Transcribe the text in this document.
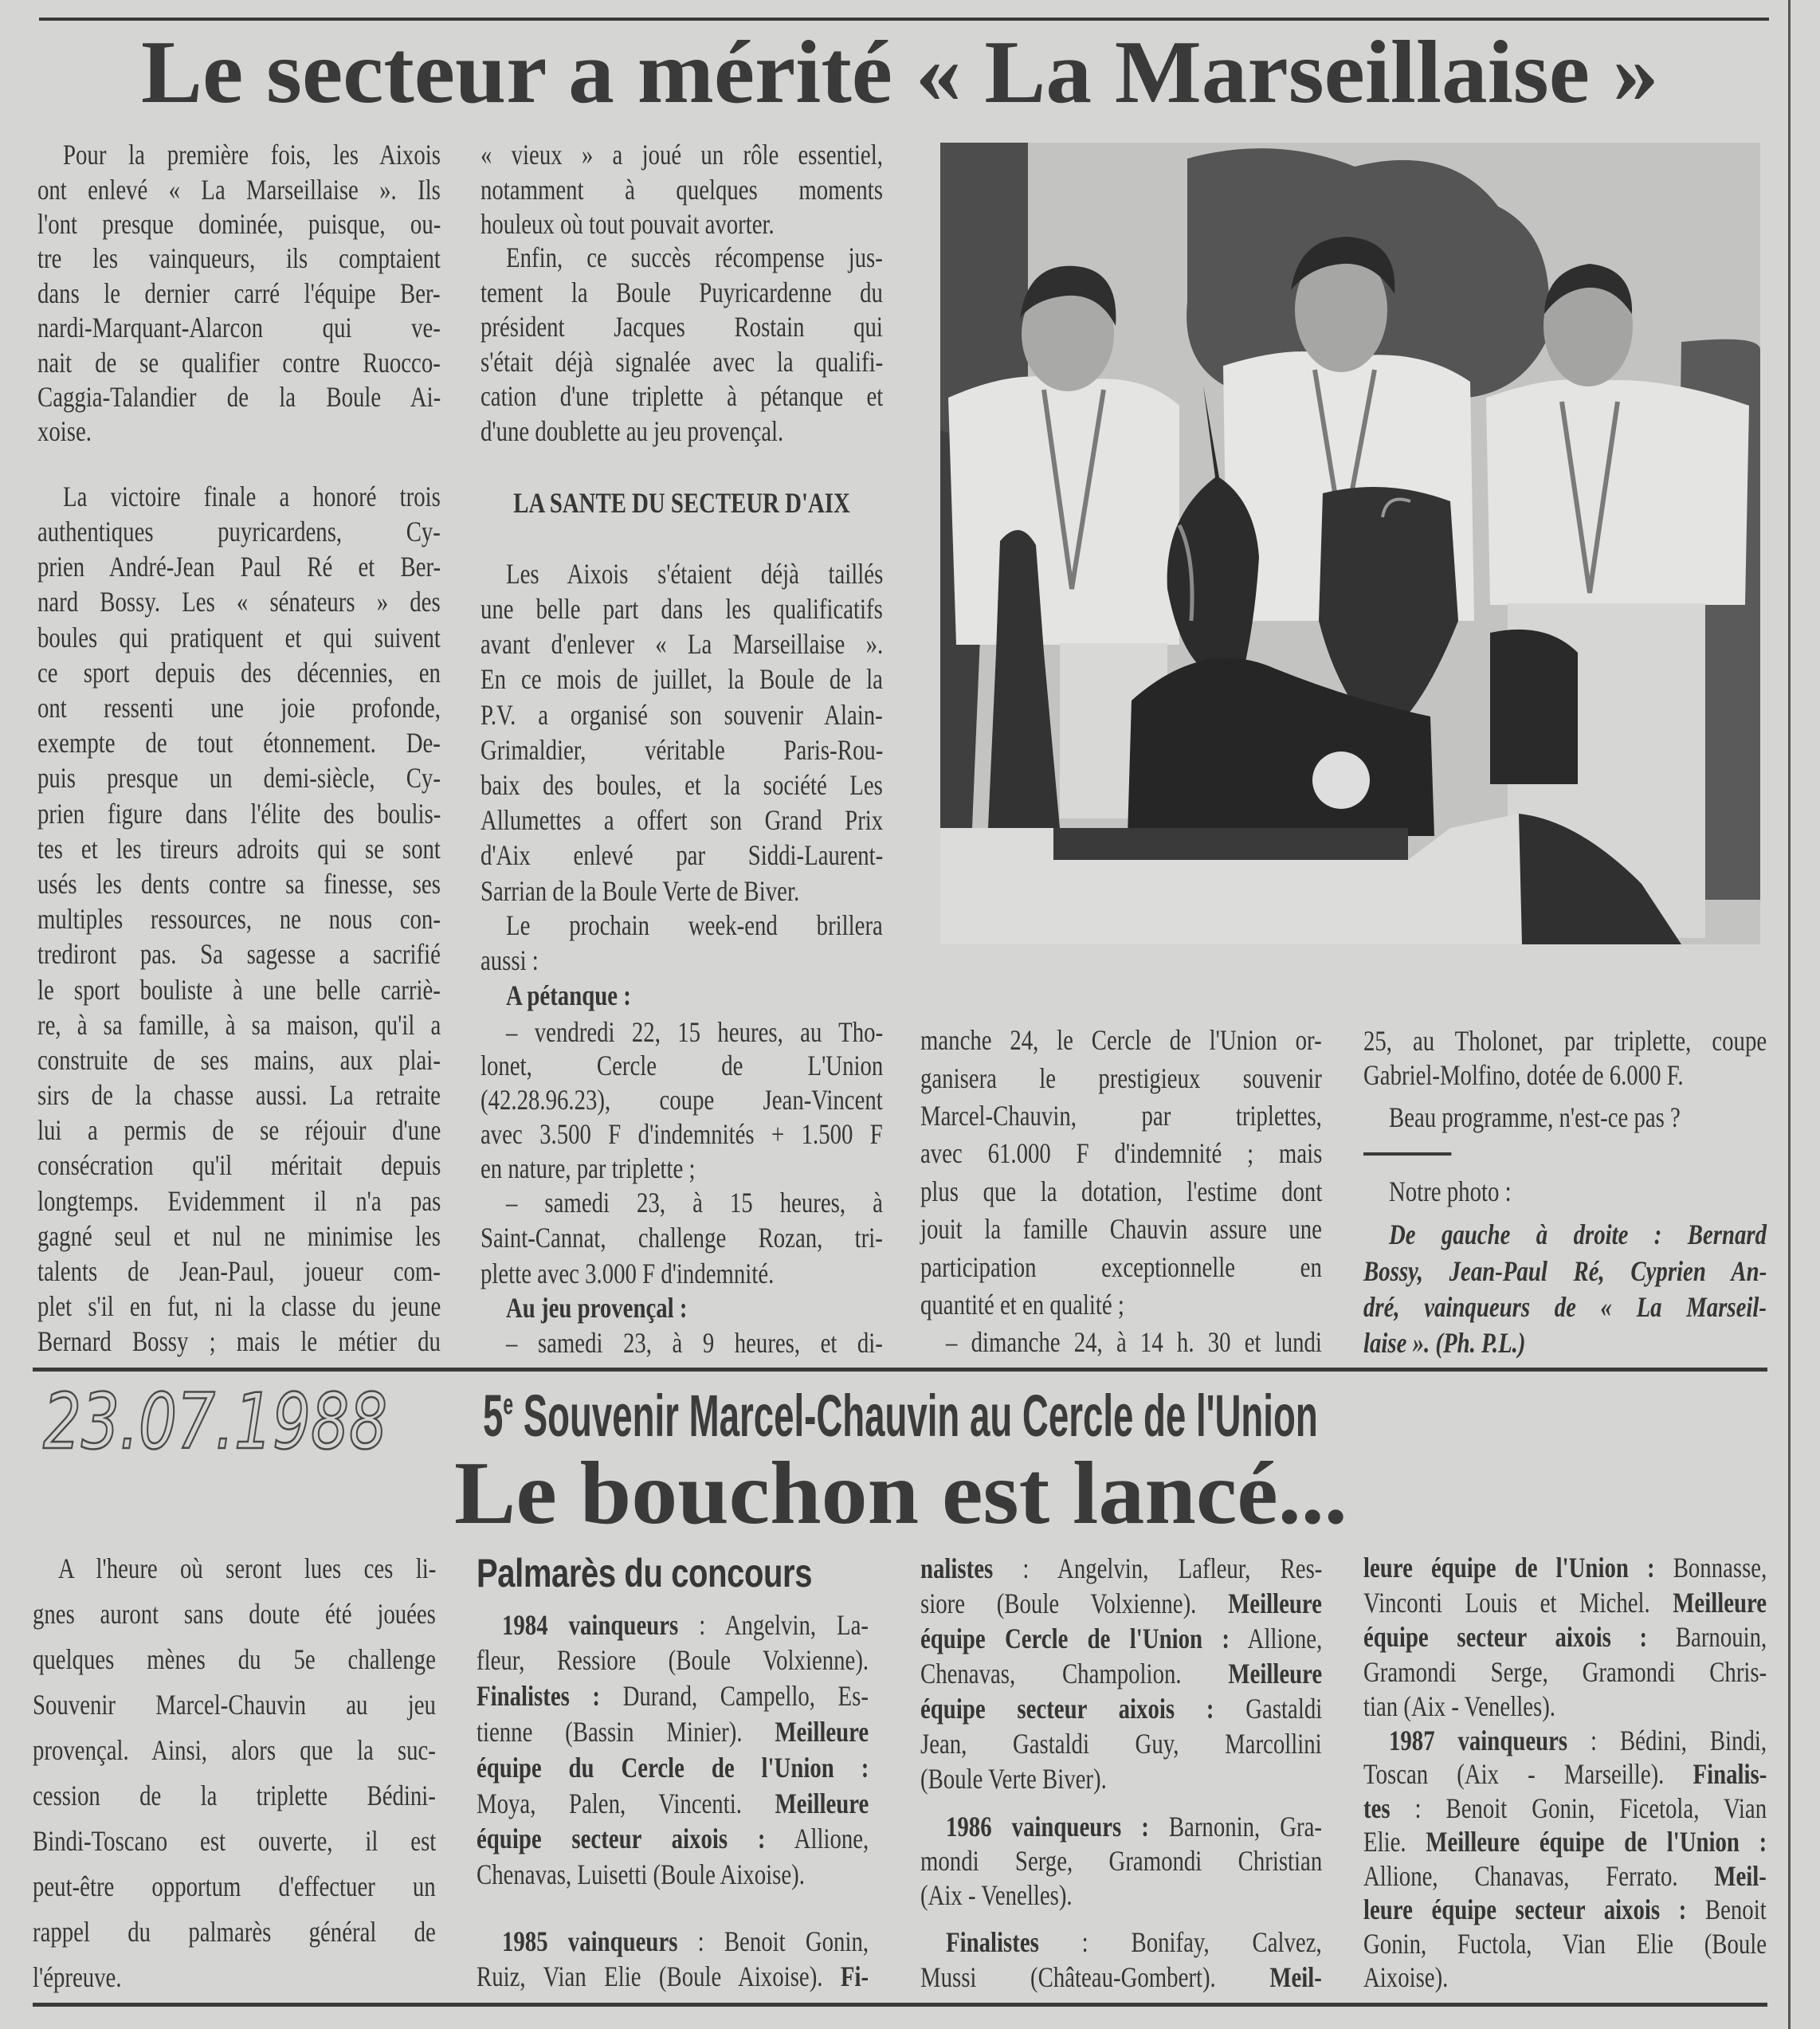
Le secteur a mérité « La Marseillaise »
Pour la première fois, les Aixois
ont enlevé « La Marseillaise ». Ils
l'ont presque dominée, puisque, ou-
tre les vainqueurs, ils comptaient
dans le dernier carré l'équipe Ber-
nardi-Marquant-Alarcon qui ve-
nait de se qualifier contre Ruocco-
Caggia-Talandier de la Boule Ai-
xoise.
La victoire finale a honoré trois
authentiques puyricardens, Cy-
prien André-Jean Paul Ré et Ber-
nard Bossy. Les « sénateurs » des
boules qui pratiquent et qui suivent
ce sport depuis des décennies, en
ont ressenti une joie profonde,
exempte de tout étonnement. De-
puis presque un demi-siècle, Cy-
prien figure dans l'élite des boulis-
tes et les tireurs adroits qui se sont
usés les dents contre sa finesse, ses
multiples ressources, ne nous con-
trediront pas. Sa sagesse a sacrifié
le sport bouliste à une belle carriè-
re, à sa famille, à sa maison, qu'il a
construite de ses mains, aux plai-
sirs de la chasse aussi. La retraite
lui a permis de se réjouir d'une
consécration qu'il méritait depuis
longtemps. Evidemment il n'a pas
gagné seul et nul ne minimise les
talents de Jean-Paul, joueur com-
plet s'il en fut, ni la classe du jeune
Bernard Bossy ; mais le métier du
« vieux » a joué un rôle essentiel,
notamment à quelques moments
houleux où tout pouvait avorter.
Enfin, ce succès récompense jus-
tement la Boule Puyricardenne du
président Jacques Rostain qui
s'était déjà signalée avec la qualifi-
cation d'une triplette à pétanque et
d'une doublette au jeu provençal.
LA SANTE DU SECTEUR D'AIX
Les Aixois s'étaient déjà taillés
une belle part dans les qualificatifs
avant d'enlever « La Marseillaise ».
En ce mois de juillet, la Boule de la
P.V. a organisé son souvenir Alain-
Grimaldier, véritable Paris-Rou-
baix des boules, et la société Les
Allumettes a offert son Grand Prix
d'Aix enlevé par Siddi-Laurent-
Sarrian de la Boule Verte de Biver.
Le prochain week-end brillera
aussi :
A pétanque :
– vendredi 22, 15 heures, au Tho-
lonet, Cercle de L'Union
(42.28.96.23), coupe Jean-Vincent
avec 3.500 F d'indemnités + 1.500 F
en nature, par triplette ;
– samedi 23, à 15 heures, à
Saint-Cannat, challenge Rozan, tri-
plette avec 3.000 F d'indemnité.
Au jeu provençal :
– samedi 23, à 9 heures, et di-
manche 24, le Cercle de l'Union or-
ganisera le prestigieux souvenir
Marcel-Chauvin, par triplettes,
avec 61.000 F d'indemnité ; mais
plus que la dotation, l'estime dont
jouit la famille Chauvin assure une
participation exceptionnelle en
quantité et en qualité ;
– dimanche 24, à 14 h. 30 et lundi
25, au Tholonet, par triplette, coupe
Gabriel-Molfino, dotée de 6.000 F.
Beau programme, n'est-ce pas ?
Notre photo :
De gauche à droite : Bernard
Bossy, Jean-Paul Ré, Cyprien An-
dré, vainqueurs de « La Marseil-
laise ». (Ph. P.L.)
23.07.1988 5e Souvenir Marcel-Chauvin au Cercle de l'Union
Le bouchon est lancé...
A l'heure où seront lues ces li-
gnes auront sans doute été jouées
quelques mènes du 5e challenge
Souvenir Marcel-Chauvin au jeu
provençal. Ainsi, alors que la suc-
cession de la triplette Bédini-
Bindi-Toscano est ouverte, il est
peut-être opportum d'effectuer un
rappel du palmarès général de
l'épreuve.
Palmarès du concours
1984 vainqueurs : Angelvin, La-
fleur, Ressiore (Boule Volxienne).
Finalistes : Durand, Campello, Es-
tienne (Bassin Minier). Meilleure
équipe du Cercle de l'Union :
Moya, Palen, Vincenti. Meilleure
équipe secteur aixois : Allione,
Chenavas, Luisetti (Boule Aixoise).
1985 vainqueurs : Benoit Gonin,
Ruiz, Vian Elie (Boule Aixoise). Fi-
nalistes : Angelvin, Lafleur, Res-
siore (Boule Volxienne). Meilleure
équipe Cercle de l'Union : Allione,
Chenavas, Champolion. Meilleure
équipe secteur aixois : Gastaldi
Jean, Gastaldi Guy, Marcollini
(Boule Verte Biver).
1986 vainqueurs : Barnonin, Gra-
mondi Serge, Gramondi Christian
(Aix - Venelles).
Finalistes : Bonifay, Calvez,
Mussi (Château-Gombert). Meil-
leure équipe de l'Union : Bonnasse,
Vinconti Louis et Michel. Meilleure
équipe secteur aixois : Barnouin,
Gramondi Serge, Gramondi Chris-
tian (Aix - Venelles).
1987 vainqueurs : Bédini, Bindi,
Toscan (Aix - Marseille). Finalis-
tes : Benoit Gonin, Ficetola, Vian
Elie. Meilleure équipe de l'Union :
Allione, Chanavas, Ferrato. Meil-
leure équipe secteur aixois : Benoit
Gonin, Fuctola, Vian Elie (Boule
Aixoise).
